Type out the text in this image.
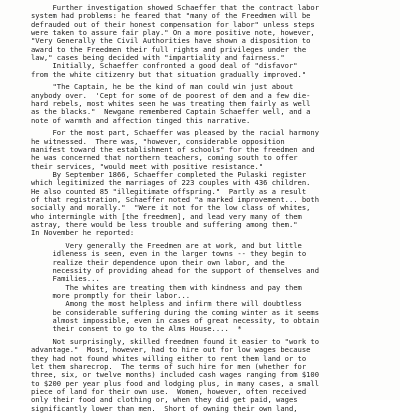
Further investigation showed Schaeffer that the contract labor
system had problems: he feared that "many of the Freedmen will be
defrauded out of their honest compensation for labor" unless steps
were taken to assure fair play." On a more positive note, however,
"Very Generally the Civil Authorities have shown a disposition to
award to the Freedmen their full rights and privileges under the
law," cases being decided with "impartiality and fairness."
Initially, Schaeffer confronted a good deal of "disfavor"
from the white citizenry but that situation gradually improved."
"The Captain, he be the kind of man could win just about
anybody over.  'Cept for some of de poorest of dem and a few die-
hard rebels, most whites seen he was treating them fairly as well
as the blacks."  Newgane remembered Captain Schaeffer well, and a
note of warmth and affection tinged this narrative.
For the most part, Schaeffer was pleased by the racial harmony
he witnessed.  There was, "however, considerable opposition
manifest toward the establishment of schools" for the freedmen and
he was concerned that northern teachers, coming south to offer
their services, "would meet with positive resistance."
By September 1866, Schaeffer completed the Pulaski register
which legitimized the marriages of 223 couples with 436 children.
He also counted 85 "illegitimate offspring."  Partly as a result
of that registration, Schaeffer noted "a marked improvement... both
socially and morally."  "Were it not for the low class of whites,
who intermingle with [the freedmen], and lead very many of them
astray, there would be less trouble and suffering among them."
In November he reported:
Very generally the Freedmen are at work, and but little
idleness is seen, even in the larger towns -- they begin to
realize their dependence upon their own labor, and the
necessity of providing ahead for the support of themselves and
Families...
The whites are treating them with kindness and pay them
more promptly for their labor...
Among the most helpless and infirm there will doubtless
be considerable suffering during the coming winter as it seems
almost impossible, even in cases of great necessity, to obtain
their consent to go to the Alms House....  *
Not surprisingly, skilled freedmen found it easier to "work to
advantage."  Most, however, had to hire out for low wages because
they had not found whites willing either to rent them land or to
let them sharecrop.  The terms of such hire for men (whether for
three, six, or twelve months) included cash wages ranging from $100
to $200 per year plus food and lodging plus, in many cases, a small
piece of land for their own use.  Women, however, often received
only their food and clothing or, when they did get paid, wages
significantly lower than men.  Short of owning their own land,
